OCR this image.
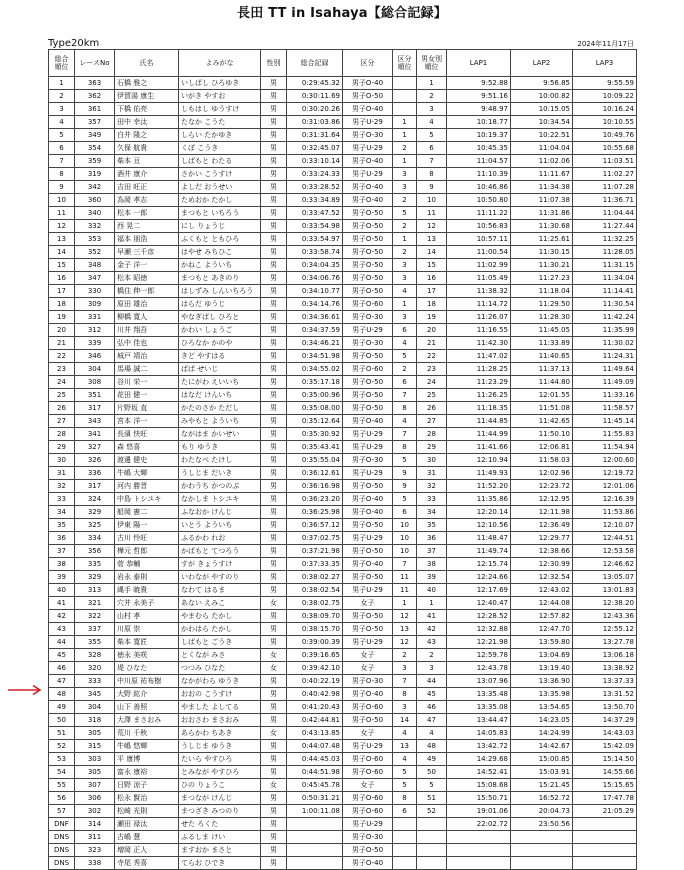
長田 TT in Isahaya【総合記録】
Type20km	2024年11月17日
総合
順位	レースNo	氏名	よみがな	性別	総合記録	区分	区分
順位	男女別
順位	LAP1	LAP2	LAP3
1	363	石橋 雅之	いしばし ひろゆき	男	0:29:45.32	男子O-40		1	9:52.88	9:56.85	9:55.59
2	362	伊賀湯 康生	いがき やすお	男	0:30:11.69	男子O-50		2	9:51.16	10:00.82	10:09.22
3	361	下橋 佑亮	しもはし ゆうすけ	男	0:30:20.26	男子O-40		3	9:48.97	10:15.05	10:16.24
4	357	田中 幸汰	たなか こうた	男	0:31:03.86	男子U-29	1	4	10:18.77	10:34.54	10:10.55
5	349	白井 隆之	しらい たかゆき	男	0:31:31.64	男子O-30	1	5	10:19.37	10:22.51	10:49.76
6	354	久保 航貴	くぼ こうき	男	0:32:45.07	男子U-29	2	6	10:45.35	11:04.04	10:55.68
7	359	柴本 亘	しばもと わたる	男	0:33:10.14	男子O-40	1	7	11:04.57	11:02.06	11:03.51
8	319	酒井 康介	さかい こうすけ	男	0:33:24.33	男子U-29	3	8	11:10.39	11:11.67	11:02.27
9	342	吉田 旺正	よしだ おうせい	男	0:33:28.52	男子O-40	3	9	10:46.86	11:34.38	11:07.28
10	360	為岡 孝志	ためおか たかし	男	0:33:34.89	男子O-40	2	10	10:50.80	11:07.38	11:36.71
11	340	松本 一郎	まつもと いちろう	男	0:33:47.52	男子O-50	5	11	11:11.22	11:31.86	11:04.44
12	332	西 晃二	にし りょうじ	男	0:33:54.98	男子O-50	2	12	10:56.83	11:30.68	11:27.44
13	353	福本 朋浩	ふくもと ともひろ	男	0:33:54.97	男子O-50	1	13	10:57.11	11:25.61	11:32.25
14	352	早瀬 三千彦	はやせ みちひこ	男	0:33:58.74	男子O-50	2	14	11:00.54	11:30.15	11:28.05
15	348	金子 洋一	かねこ よういち	男	0:34:04.35	男子O-50	3	15	11:02.99	11:30.21	11:31.15
16	347	松本 昭徳	まつもと あきのり	男	0:34:06.76	男子O-50	3	16	11:05.49	11:27.23	11:34.04
17	330	橋住 伸一郎	はしずみ しんいちろう	男	0:34:10.77	男子O-50	4	17	11:38.32	11:18.04	11:14.41
18	309	原田 雄治	はらだ ゆうじ	男	0:34:14.76	男子O-60	1	18	11:14.72	11:29.50	11:30.54
19	331	柳橋 寛人	やなぎばし ひろと	男	0:34:36.61	男子O-30	3	19	11:26.07	11:28.30	11:42.24
20	312	川井 翔吾	かわい しょうご	男	0:34:37.59	男子U-29	6	20	11:16.55	11:45.05	11:35.99
21	339	弘中 佳也	ひろなか かのや	男	0:34:46.21	男子O-30	4	21	11:42.30	11:33.89	11:30.02
22	346	城戸 靖治	きど やすはる	男	0:34:51.98	男子O-50	5	22	11:47.02	11:40.65	11:24.31
23	304	馬場 誠二	ばば せいじ	男	0:34:55.02	男子O-60	2	23	11:28.25	11:37.13	11:49.64
24	308	谷川 栄一	たにがわ えいいち	男	0:35:17.18	男子O-50	6	24	11:23.29	11:44.80	11:49.09
25	351	花田 健一	はなだ けんいち	男	0:35:00.96	男子O-50	7	25	11:26.25	12:01.55	11:33.16
26	317	片野坂 直	かたのさか ただし	男	0:35:08.00	男子O-50	8	26	11:18.35	11:51.08	11:58.57
27	343	宮本 洋一	みやもと よういち	男	0:35:12.64	男子O-40	4	27	11:44.85	11:42.65	11:45.14
28	341	長濱 快旺	ながはま かいせい	男	0:35:30.92	男子U-29	7	28	11:44.99	11:50.10	11:55.83
29	327	森 悠喜	もり ゆうき	男	0:35:43.41	男子U-29	8	29	11:41.66	12:06.81	11:54.94
30	326	渡邊 健史	わたなべ たけし	男	0:35:55.04	男子O-30	5	30	12:10.94	11:58.03	12:00.60
31	336	牛嶋 大輝	うしじま だいき	男	0:36:12.61	男子U-29	9	31	11:49.93	12:02.96	12:19.72
32	317	河内 勝晋	かわうち かつのぶ	男	0:36:16.98	男子O-50	9	32	11:52.20	12:23.72	12:01.06
33	324	中島 トシユキ	なかしま トシユキ	男	0:36:23.20	男子O-40	5	33	11:35.86	12:12.95	12:16.39
34	329	船岡 憲二	ふなおか けんじ	男	0:36:25.98	男子O-40	6	34	12:20.14	12:11.98	11:53.86
35	325	伊東 陽一	いとう よういち	男	0:36:57.12	男子O-50	10	35	12:10.56	12:36.49	12:10.07
36	334	古川 怜旺	ふるかわ れお	男	0:37:02.75	男子U-29	10	36	11:48.47	12:29.77	12:44.51
37	356	樺元 哲郎	かばもと てつろう	男	0:37:21.98	男子O-50	10	37	11:49.74	12:38.66	12:53.58
38	335	菅 恭輔	すが きょうすけ	男	0:37:33.35	男子O-40	7	38	12:15.74	12:30.99	12:46.62
39	329	岩永 泰則	いわなが やすのり	男	0:38:02.27	男子O-50	11	39	12:24.66	12:32.54	13:05.07
40	313	縄手 暁貴	なわて はるま	男	0:38:02.54	男子U-29	11	40	12:17.69	12:43.02	13:01.83
41	321	穴井 永美子	あない えみこ	女	0:38:02.75	女子	1	1	12:40.47	12:44.08	12:38.20
42	322	山村 孝	やまむら たかし	男	0:38:09.70	男子O-50	12	41	12:28.52	12:57.82	12:43.36
43	337	川原 崇	かわはら たかし	男	0:38:15.70	男子O-50	13	42	12:32.88	12:47.70	12:55.12
44	355	柴本 寛匠	しばもと ごうき	男	0:39:00.39	男子U-29	12	43	12:21.98	13:59.80	13:27.78
45	328	徳永 美咲	とくなが みさ	女	0:39:16.65	女子	2	2	12:59.78	13:04.69	13:06.18
46	320	堤 ひなた	つつみ ひなた	女	0:39:42.10	女子	3	3	12:43.78	13:19.40	13:38.92
47	333	中川原 祐布樹	なかがわら ゆうき	男	0:40:22.19	男子O-30	7	44	13:07.96	13:36.90	13:37.33
48	345	大野 紘介	おおの こうすけ	男	0:40:42.98	男子O-40	8	45	13:35.48	13:35.98	13:31.52
49	304	山下 善照	やました よしてる	男	0:41:20.43	男子O-60	3	46	13:35.08	13:54.65	13:50.70
50	318	大澤 まさおみ	おおさわ まさおみ	男	0:42:44.81	男子O-50	14	47	13:44.47	14:23.05	14:37.29
51	305	荒川 千秋	あらかわ ちあき	女	0:43:13.85	女子	4	4	14:05.83	14:24.99	14:43.03
52	315	牛嶋 悠輝	うしじま ゆうき	男	0:44:07.48	男子U-29	13	48	13:42.72	14:42.67	15:42.09
53	303	平 康博	たいら やすひろ	男	0:44:45.03	男子O-60	4	49	14:29.68	15:00.85	15:14.50
54	305	富永 康裕	とみなが やすひろ	男	0:44:51.98	男子O-60	5	50	14:52.41	15:03.91	14:55.66
55	307	日野 涼子	ひの りょうこ	女	0:45:45.78	女子	5	5	15:08.68	15:21.45	15:15.65
56	306	松永 賢治	まつなが けんじ	男	0:50:31.21	男子O-60	8	51	15:50.71	16:52.72	17:47.78
57	302	松崎 光則	まつざき みつのり	男	1:00:11.08	男子O-60	6	52	19:01.06	20:04.73	21:05.29
DNF	314	瀬田 禄汰	せた ろくた	男		男子U-29			22:02.72	23:50.56	
DNS	311	古嶋 慧	ふるしま けい	男		男子O-30					
DNS	323	増岡 正人	ますおか まさと	男		男子O-50					
DNS	338	寺尾 秀喜	てらお ひでき	男		男子O-40					
